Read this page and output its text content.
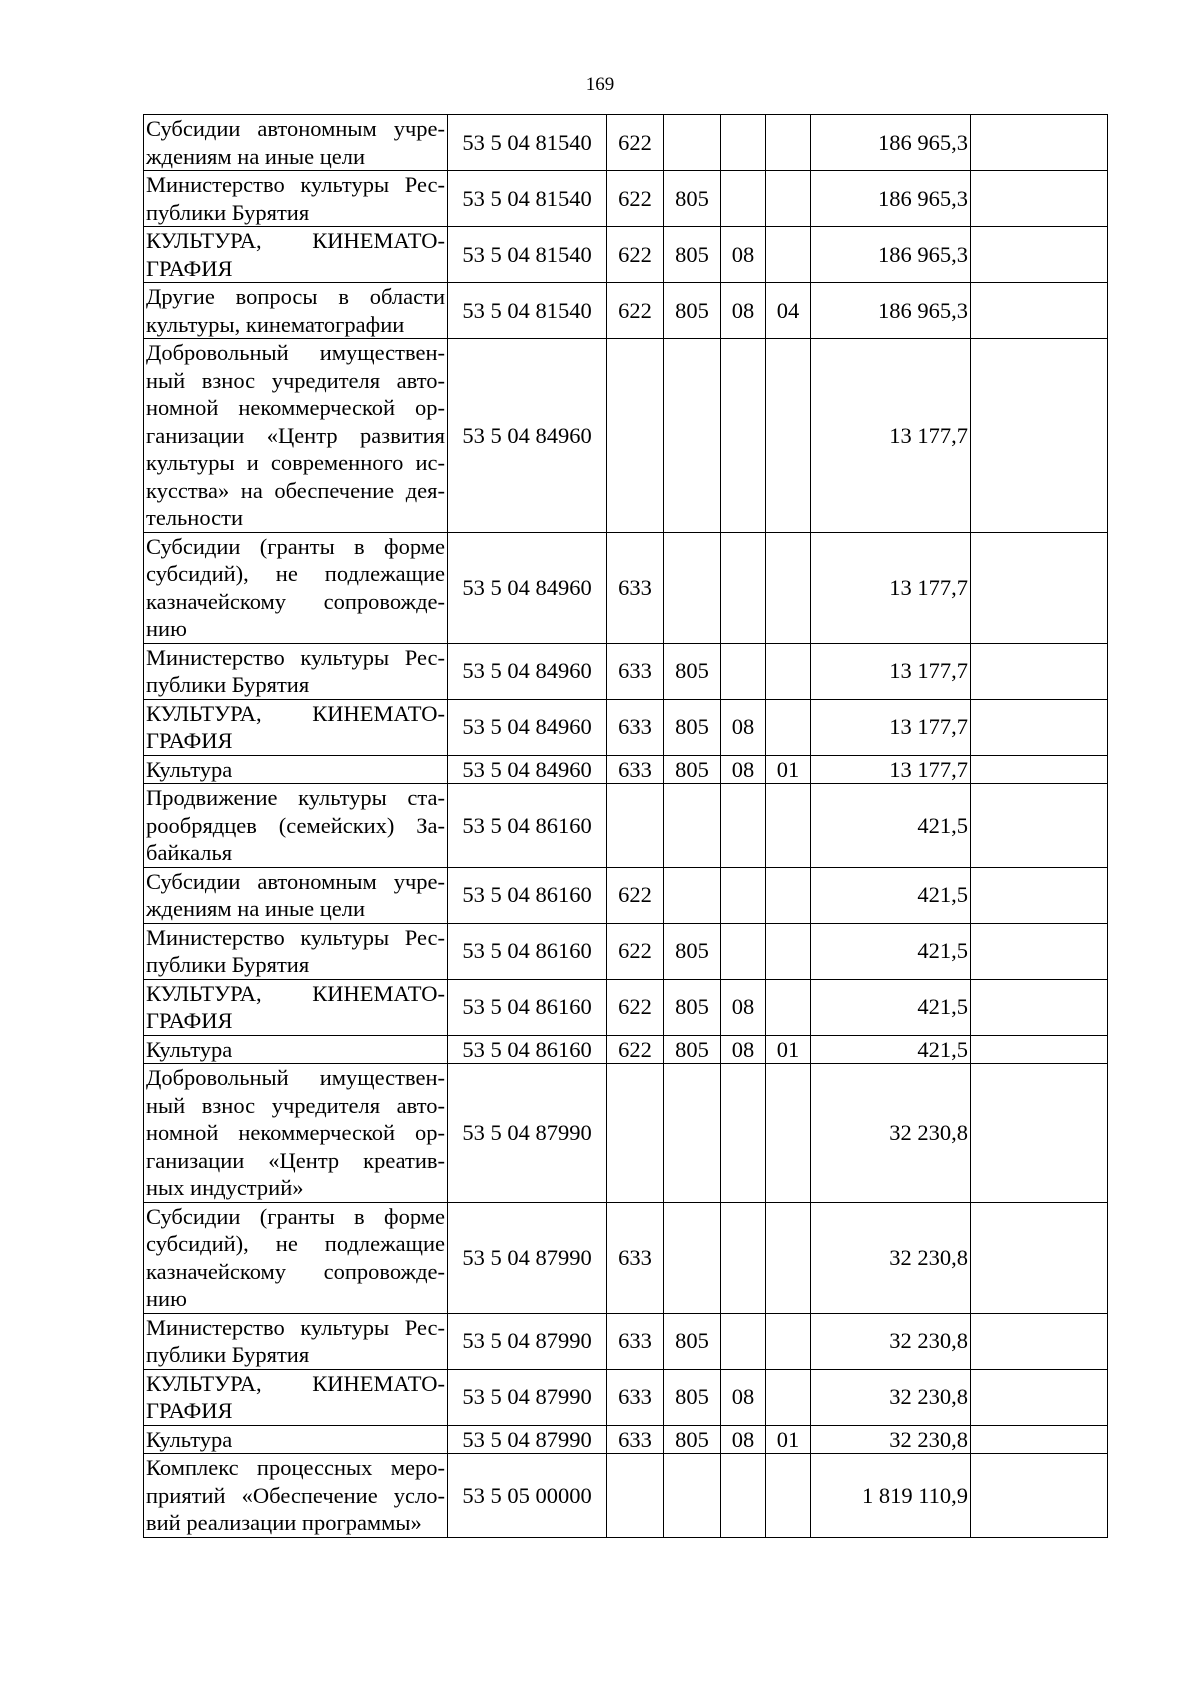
169
Субсидии автономным учре-ждениям на иные цели	53 5 04 81540	622				186 965,3	
Министерство культуры Рес-публики Бурятия	53 5 04 81540	622	805			186 965,3	
КУЛЬТУРА, КИНЕМАТО-ГРАФИЯ	53 5 04 81540	622	805	08		186 965,3	
Другие вопросы в области культуры, кинематографии	53 5 04 81540	622	805	08	04	186 965,3	
Добровольный имуществен-ный взнос учредителя авто-номной некоммерческой ор-ганизации «Центр развития культуры и современного ис-кусства» на обеспечение дея-тельности	53 5 04 84960					13 177,7	
Субсидии (гранты в форме субсидий), не подлежащие казначейскому сопровожде-нию	53 5 04 84960	633				13 177,7	
Министерство культуры Рес-публики Бурятия	53 5 04 84960	633	805			13 177,7	
КУЛЬТУРА, КИНЕМАТО-ГРАФИЯ	53 5 04 84960	633	805	08		13 177,7	
Культура	53 5 04 84960	633	805	08	01	13 177,7	
Продвижение культуры ста-рообрядцев (семейских) За-байкалья	53 5 04 86160					421,5	
Субсидии автономным учре-ждениям на иные цели	53 5 04 86160	622				421,5	
Министерство культуры Рес-публики Бурятия	53 5 04 86160	622	805			421,5	
КУЛЬТУРА, КИНЕМАТО-ГРАФИЯ	53 5 04 86160	622	805	08		421,5	
Культура	53 5 04 86160	622	805	08	01	421,5	
Добровольный имуществен-ный взнос учредителя авто-номной некоммерческой ор-ганизации «Центр креатив-ных индустрий»	53 5 04 87990					32 230,8	
Субсидии (гранты в форме субсидий), не подлежащие казначейскому сопровожде-нию	53 5 04 87990	633				32 230,8	
Министерство культуры Рес-публики Бурятия	53 5 04 87990	633	805			32 230,8	
КУЛЬТУРА, КИНЕМАТО-ГРАФИЯ	53 5 04 87990	633	805	08		32 230,8	
Культура	53 5 04 87990	633	805	08	01	32 230,8	
Комплекс процессных меро-приятий «Обеспечение усло-вий реализации программы»	53 5 05 00000					1 819 110,9	
